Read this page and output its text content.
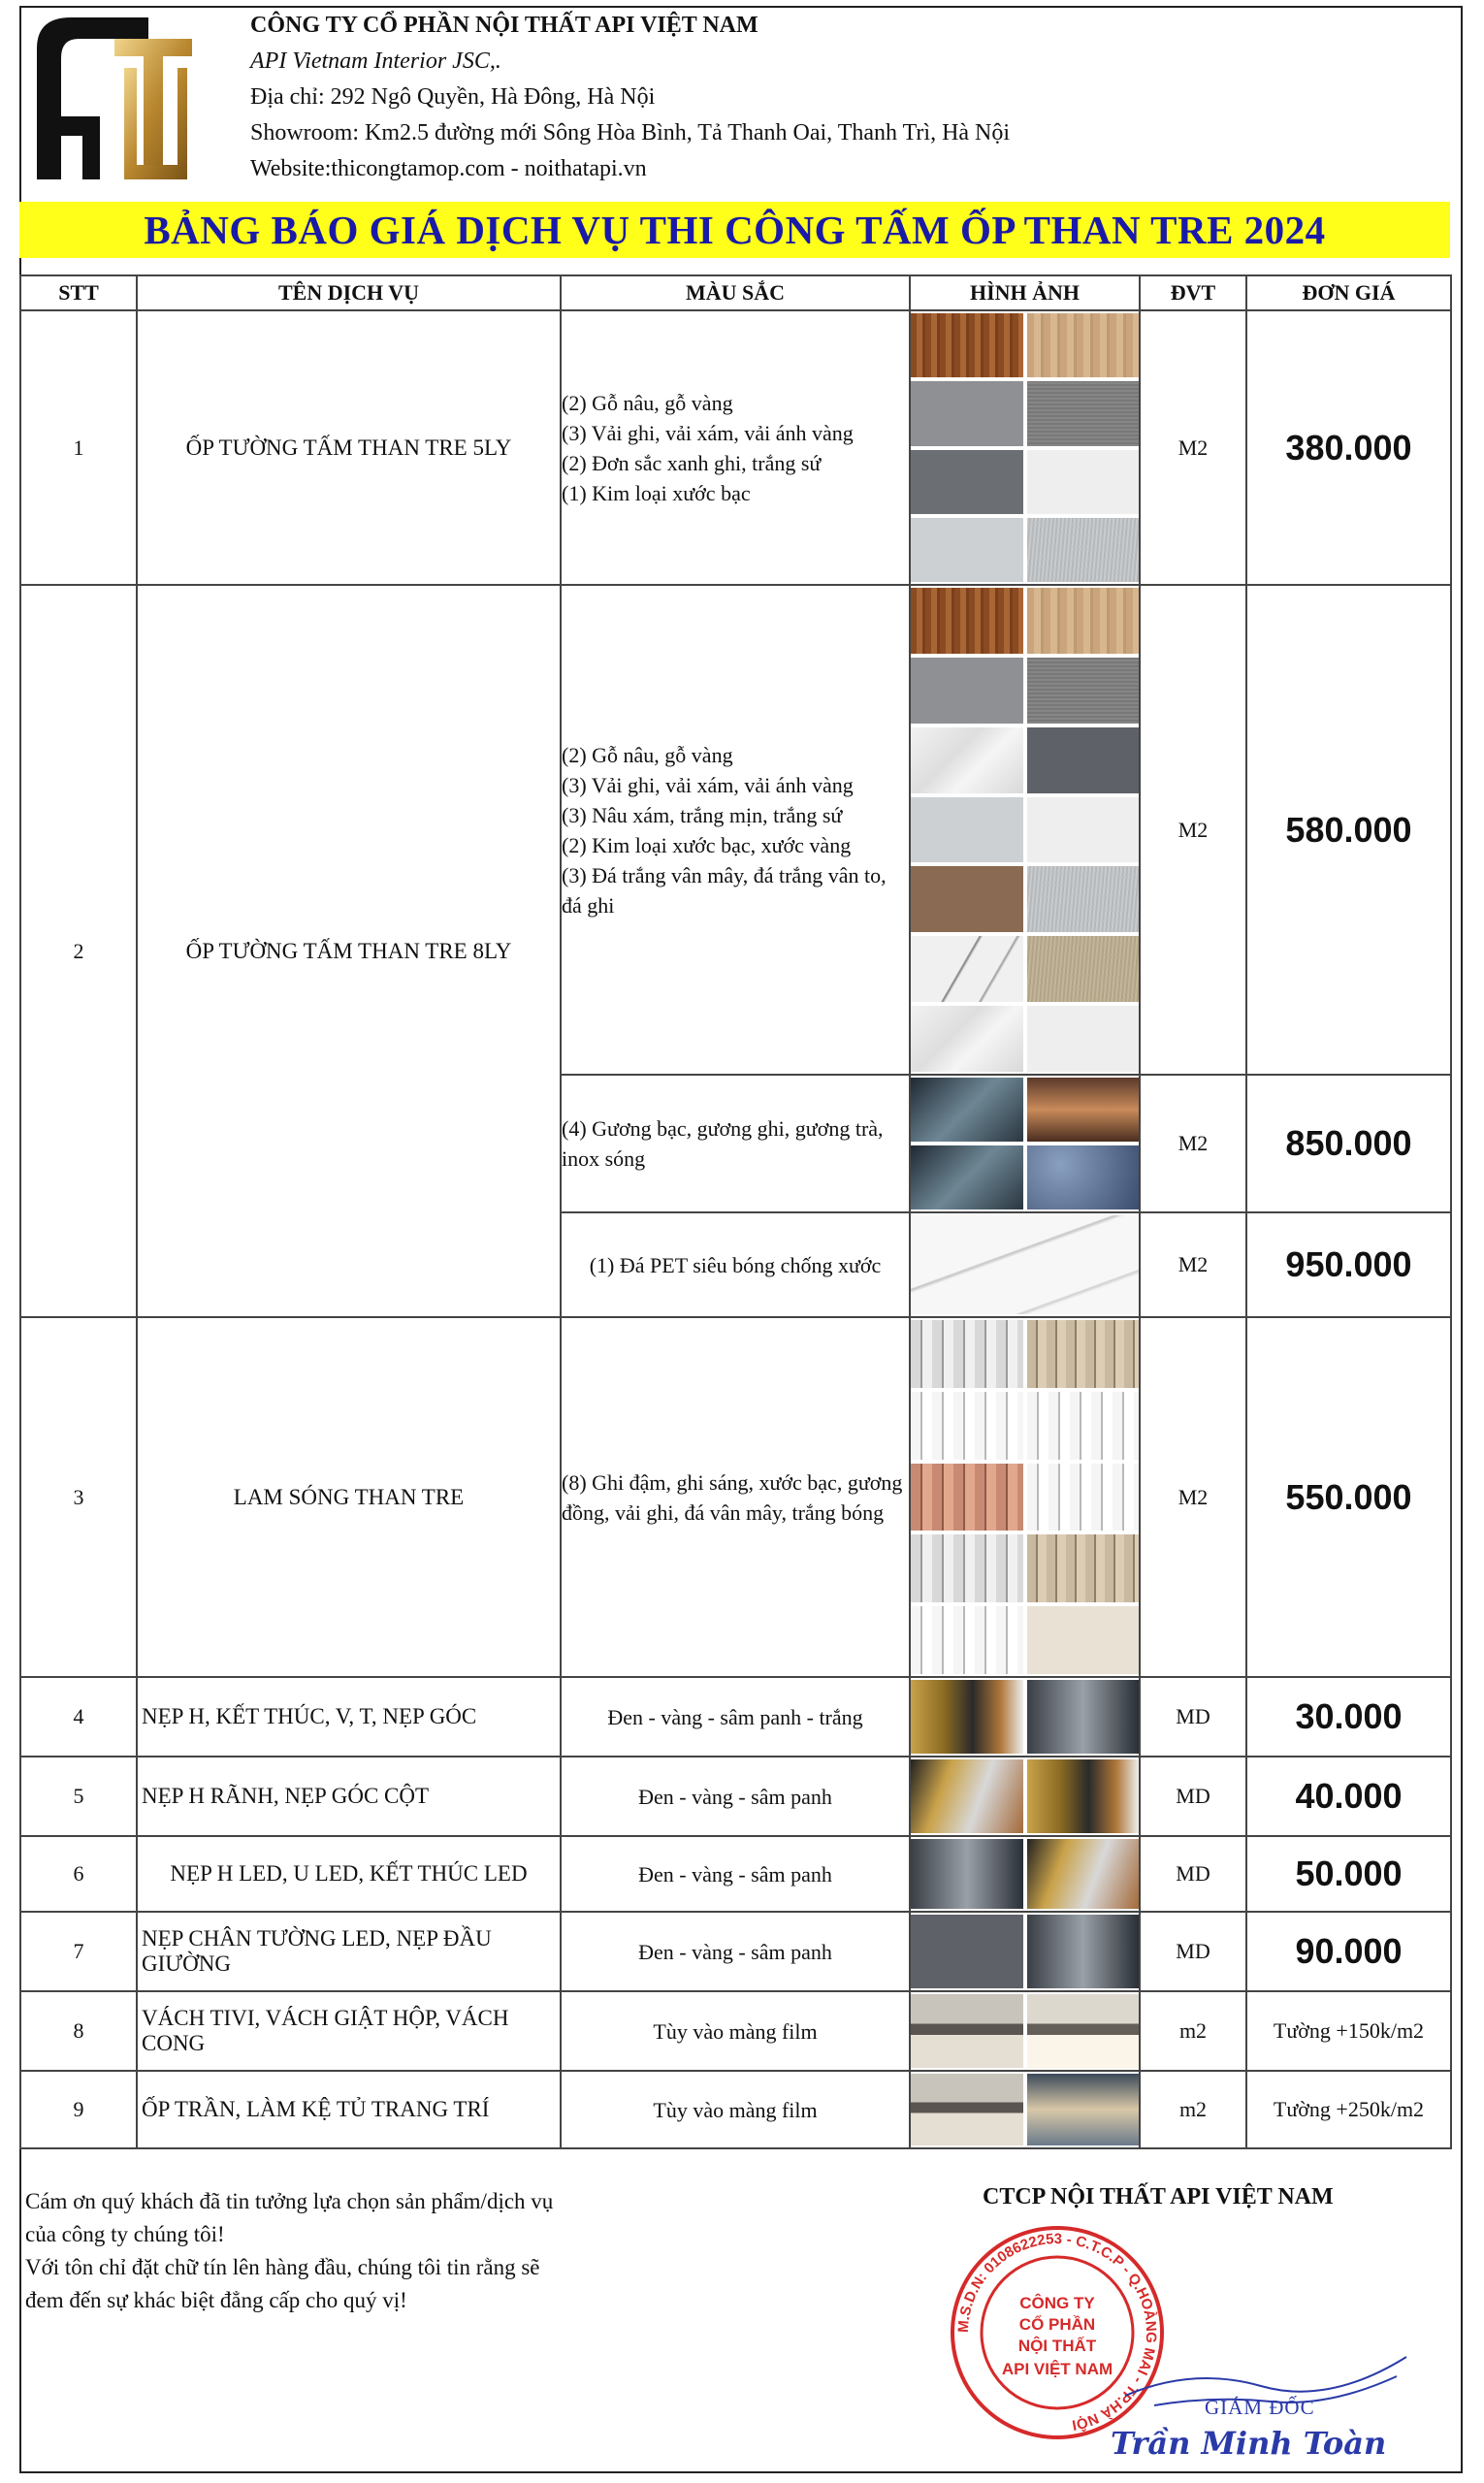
CÔNG TY CỔ PHẦN NỘI THẤT API VIỆT NAM
API Vietnam Interior JSC,.
Địa chỉ: 292 Ngô Quyền, Hà Đông, Hà Nội
Showroom: Km2.5 đường mới Sông Hòa Bình, Tả Thanh Oai, Thanh Trì, Hà Nội
Website:thicongtamop.com - noithatapi.vn
BẢNG BÁO GIÁ DỊCH VỤ THI CÔNG TẤM ỐP THAN TRE 2024
STT	TÊN DỊCH VỤ	MÀU SẮC	HÌNH ẢNH	ĐVT	ĐƠN GIÁ
1	ỐP TƯỜNG TẤM THAN TRE 5LY	(2) Gỗ nâu, gỗ vàng
(3) Vải ghi, vải xám, vải ánh vàng
(2) Đơn sắc xanh ghi, trắng sứ
(1) Kim loại xước bạc		M2	380.000
2	ỐP TƯỜNG TẤM THAN TRE 8LY	(2) Gỗ nâu, gỗ vàng
(3) Vải ghi, vải xám, vải ánh vàng
(3) Nâu xám, trắng mịn, trắng sứ
(2) Kim loại xước bạc, xước vàng
(3) Đá trắng vân mây, đá trắng vân to, đá ghi		M2	580.000

		(4) Gương bạc, gương ghi, gương trà, inox sóng		M2	850.000

		(1) Đá PET siêu bóng chống xước		M2	950.000
3	LAM SÓNG THAN TRE	(8) Ghi đậm, ghi sáng, xước bạc, gương đồng, vải ghi, đá vân mây, trắng bóng		M2	550.000
4	NẸP H, KẾT THÚC, V, T, NẸP GÓC	Đen - vàng - sâm panh - trắng		MD	30.000
5	NẸP H RÃNH, NẸP GÓC CỘT	Đen - vàng - sâm panh		MD	40.000
6	NẸP H LED, U LED, KẾT THÚC LED	Đen - vàng - sâm panh		MD	50.000
7	NẸP CHÂN TƯỜNG LED, NẸP ĐẦU GIƯỜNG	Đen - vàng - sâm panh		MD	90.000
8	VÁCH TIVI, VÁCH GIẬT HỘP, VÁCH CONG	Tùy vào màng film		m2	Tường +150k/m2
9	ỐP TRẦN, LÀM KỆ TỦ TRANG TRÍ	Tùy vào màng film		m2	Tường +250k/m2
Cám ơn quý khách đã tin tưởng lựa chọn sản phẩm/dịch vụ
của công ty chúng tôi!
Với tôn chỉ đặt chữ tín lên hàng đầu, chúng tôi tin rằng sẽ
đem đến sự khác biệt đẳng cấp cho quý vị!
CTCP NỘI THẤT API VIỆT NAM
M.S.D.N: 0108622253 - C.T.C.P - Q.HOÀNG MAI - TP.HÀ NỘI
CÔNG TY
CỔ PHẦN
NỘI THẤT
API VIỆT NAM
GIÁM ĐỐC
Trần Minh Toàn
